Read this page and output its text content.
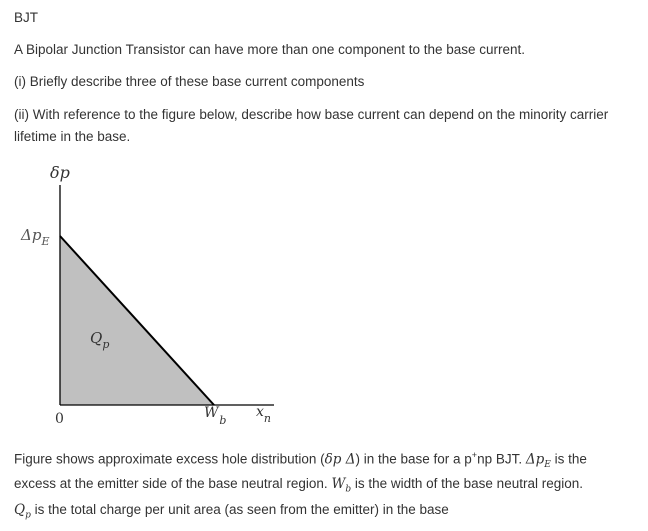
BJT
A Bipolar Junction Transistor can have more than one component to the base current.
(i) Briefly describe three of these base current components
(ii) With reference to the figure below, describe how base current can depend on the minority carrier
lifetime in the base.
δp
$\Delta p_E$
$Q_p$
0	$W_b$
$x_n$
Figure shows approximate excess hole distribution (δp Δ) in the base for a p+np BJT. $\Delta p_E$ is the
excess at the emitter side of the base neutral region. $W_b$ is the width of the base neutral region.
$Q_p$ is the total charge per unit area (as seen from the emitter) in the base
